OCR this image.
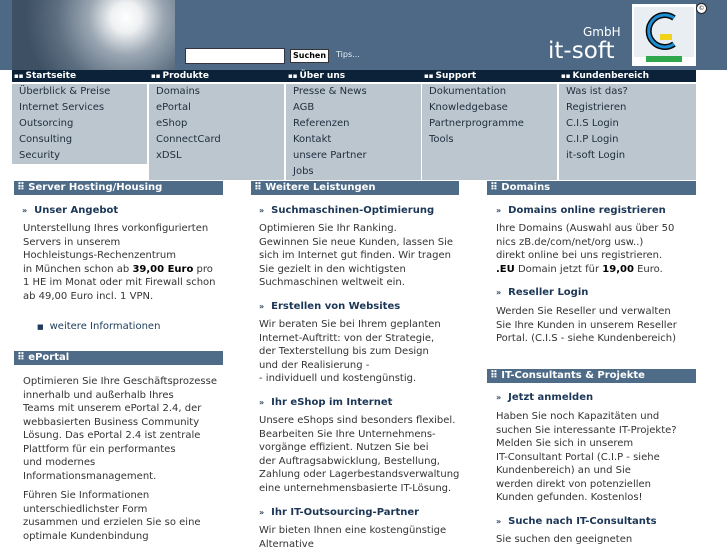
Suchen	Tips...
GmbH
it-soft
©
▪▪ Startseite	▪▪ Produkte	▪▪ Über uns	▪▪ Support	▪▪ Kundenbereich
Überblick & Preise
Internet Services
Outsorcing
Consulting
Security
Domains
ePortal
eShop
ConnectCard
xDSL
Presse & News
AGB
Referenzen
Kontakt
unsere Partner
Jobs
Dokumentation
Knowledgebase
Partnerprogramme
Tools
Was ist das?
Registrieren
C.I.S Login
C.I.P Login
it-soft Login
⠿ Server Hosting/Housing
» Unser Angebot
Unterstellung Ihres vorkonfigurierten
Servers in unserem
Hochleistungs-Rechenzentrum
in München schon ab 39,00 Euro pro
1 HE im Monat oder mit Firewall schon
ab 49,00 Euro incl. 1 VPN.
■ weitere Informationen
⠿ ePortal
Optimieren Sie Ihre Geschäftsprozesse
innerhalb und außerhalb Ihres
Teams mit unserem ePortal 2.4, der
webbasierten Business Community
Lösung. Das ePortal 2.4 ist zentrale
Plattform für ein performantes
und modernes
Informationsmanagement.
Führen Sie Informationen
unterschiedlichster Form
zusammen und erzielen Sie so eine
optimale Kundenbindung
⠿ Weitere Leistungen
» Suchmaschinen-Optimierung
Optimieren Sie Ihr Ranking.
Gewinnen Sie neue Kunden, lassen Sie
sich im Internet gut finden. Wir tragen
Sie gezielt in den wichtigsten
Suchmaschinen weltweit ein.
» Erstellen von Websites
Wir beraten Sie bei Ihrem geplanten
Internet-Auftritt: von der Strategie,
der Texterstellung bis zum Design
und der Realisierung -
- individuell und kostengünstig.
» Ihr eShop im Internet
Unsere eShops sind besonders flexibel.
Bearbeiten Sie Ihre Unternehmens-
vorgänge effizient. Nutzen Sie bei
der Auftragsabwicklung, Bestellung,
Zahlung oder Lagerbestandsverwaltung
eine unternehmensbasierte IT-Lösung.
» Ihr IT-Outsourcing-Partner
Wir bieten Ihnen eine kostengünstige
Alternative
⠿ Domains
» Domains online registrieren
Ihre Domains (Auswahl aus über 50
nics zB.de/com/net/org usw..)
direkt online bei uns registrieren.
.EU Domain jetzt für 19,00 Euro.
» Reseller Login
Werden Sie Reseller und verwalten
Sie Ihre Kunden in unserem Reseller
Portal. (C.I.S - siehe Kundenbereich)
⠿ IT-Consultants & Projekte
» Jetzt anmelden
Haben Sie noch Kapazitäten und
suchen Sie interessante IT-Projekte?
Melden Sie sich in unserem
IT-Consultant Portal (C.I.P - siehe
Kundenbereich) an und Sie
werden direkt von potenziellen
Kunden gefunden. Kostenlos!
» Suche nach IT-Consultants
Sie suchen den geeigneten
